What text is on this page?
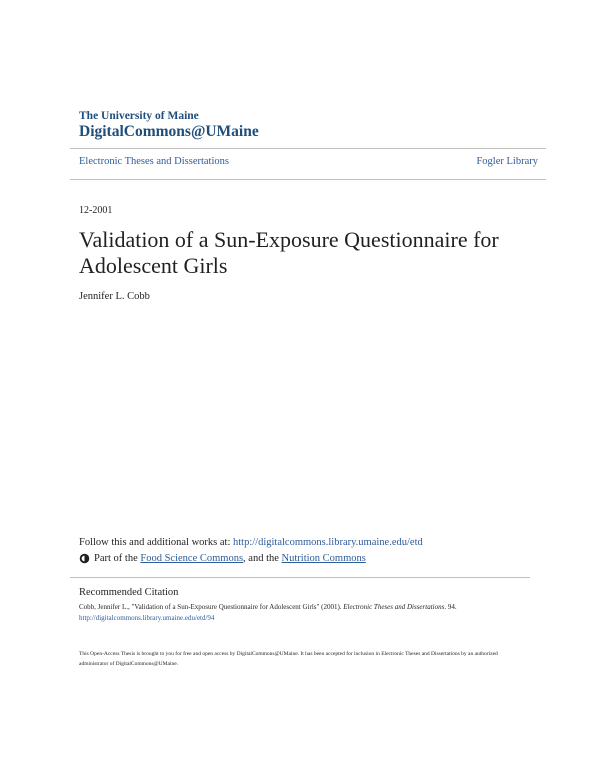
The University of Maine
DigitalCommons@UMaine
Electronic Theses and Dissertations	Fogler Library
12-2001
Validation of a Sun-Exposure Questionnaire for Adolescent Girls
Jennifer L. Cobb
Follow this and additional works at: http://digitalcommons.library.umaine.edu/etd
Part of the
Food Science Commons , and the
Nutrition Commons
Recommended Citation
Cobb, Jennifer L., "Validation of a Sun-Exposure Questionnaire for Adolescent Girls" (2001). Electronic Theses and Dissertations. 94.
http://digitalcommons.library.umaine.edu/etd/94
This Open-Access Thesis is brought to you for free and open access by DigitalCommons@UMaine. It has been accepted for inclusion in Electronic Theses and Dissertations by an authorized administrator of DigitalCommons@UMaine.
